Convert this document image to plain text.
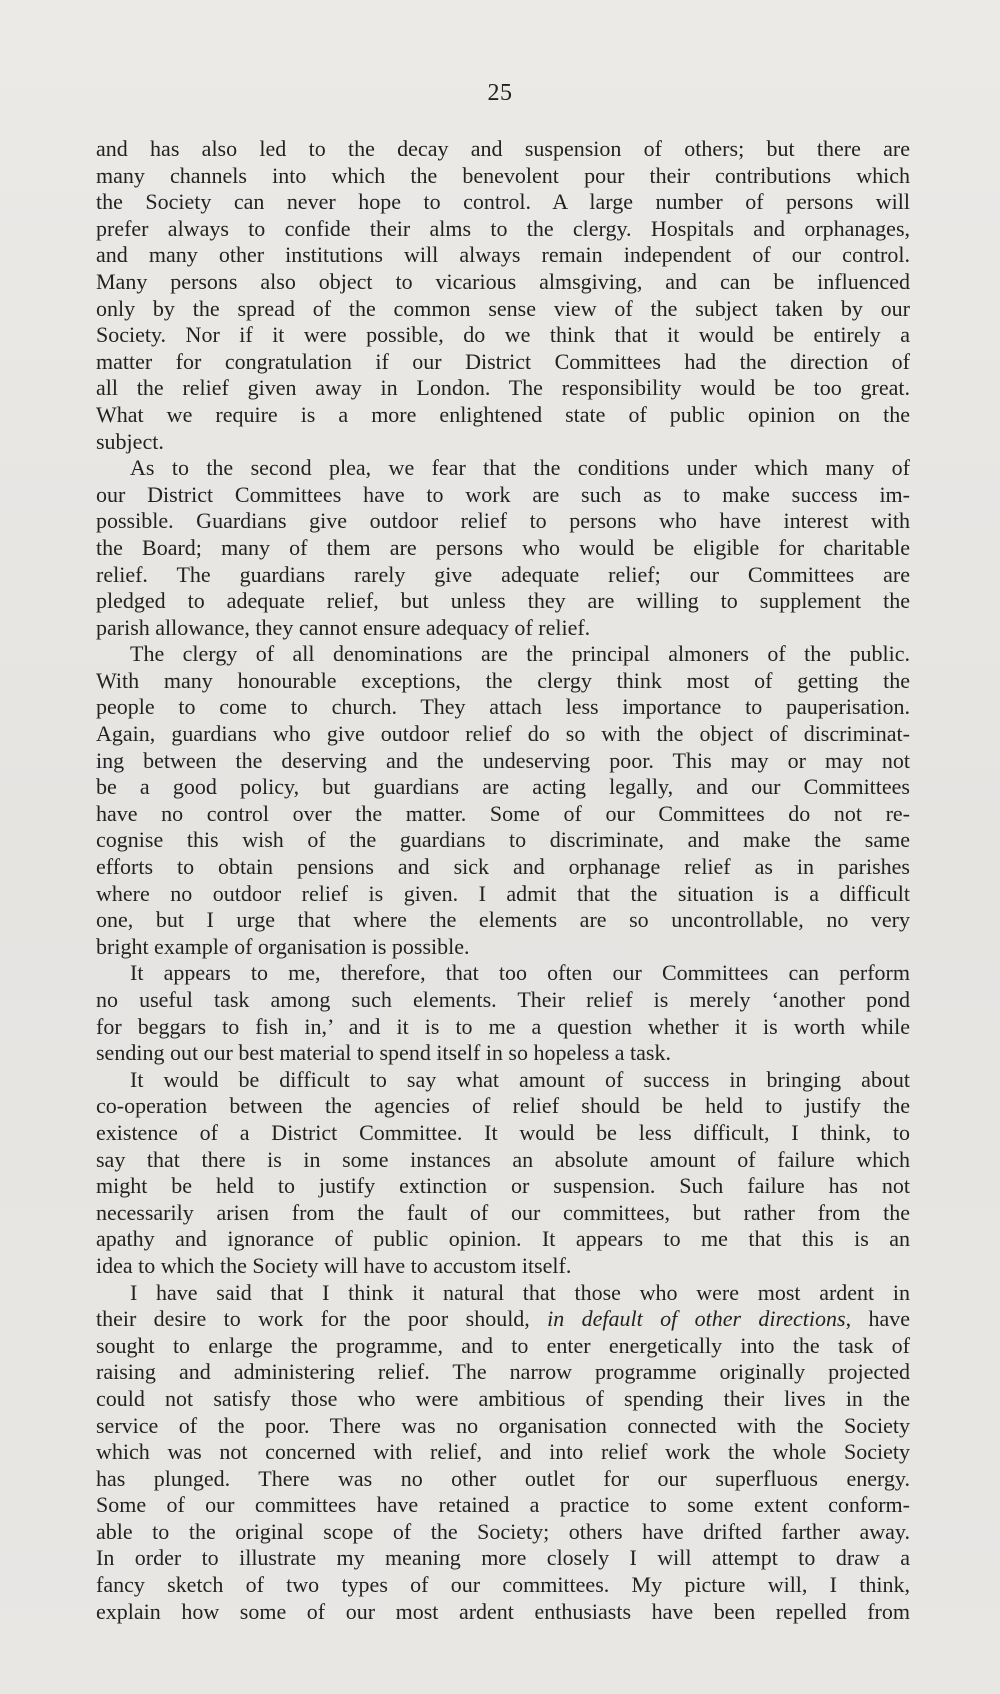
25
and has also led to the decay and suspension of others; but there are
many channels into which the benevolent pour their contributions which
the Society can never hope to control. A large number of persons will
prefer always to confide their alms to the clergy. Hospitals and orphanages,
and many other institutions will always remain independent of our control.
Many persons also object to vicarious almsgiving, and can be influenced
only by the spread of the common sense view of the subject taken by our
Society. Nor if it were possible, do we think that it would be entirely a
matter for congratulation if our District Committees had the direction of
all the relief given away in London. The responsibility would be too great.
What we require is a more enlightened state of public opinion on the
subject.
As to the second plea, we fear that the conditions under which many of
our District Committees have to work are such as to make success im-
possible. Guardians give outdoor relief to persons who have interest with
the Board; many of them are persons who would be eligible for charitable
relief. The guardians rarely give adequate relief; our Committees are
pledged to adequate relief, but unless they are willing to supplement the
parish allowance, they cannot ensure adequacy of relief.
The clergy of all denominations are the principal almoners of the public.
With many honourable exceptions, the clergy think most of getting the
people to come to church. They attach less importance to pauperisation.
Again, guardians who give outdoor relief do so with the object of discriminat-
ing between the deserving and the undeserving poor. This may or may not
be a good policy, but guardians are acting legally, and our Committees
have no control over the matter. Some of our Committees do not re-
cognise this wish of the guardians to discriminate, and make the same
efforts to obtain pensions and sick and orphanage relief as in parishes
where no outdoor relief is given. I admit that the situation is a difficult
one, but I urge that where the elements are so uncontrollable, no very
bright example of organisation is possible.
It appears to me, therefore, that too often our Committees can perform
no useful task among such elements. Their relief is merely ‘another pond
for beggars to fish in,’ and it is to me a question whether it is worth while
sending out our best material to spend itself in so hopeless a task.
It would be difficult to say what amount of success in bringing about
co-operation between the agencies of relief should be held to justify the
existence of a District Committee. It would be less difficult, I think, to
say that there is in some instances an absolute amount of failure which
might be held to justify extinction or suspension. Such failure has not
necessarily arisen from the fault of our committees, but rather from the
apathy and ignorance of public opinion. It appears to me that this is an
idea to which the Society will have to accustom itself.
I have said that I think it natural that those who were most ardent in
their desire to work for the poor should, in default of other directions, have
sought to enlarge the programme, and to enter energetically into the task of
raising and administering relief. The narrow programme originally projected
could not satisfy those who were ambitious of spending their lives in the
service of the poor. There was no organisation connected with the Society
which was not concerned with relief, and into relief work the whole Society
has plunged. There was no other outlet for our superfluous energy.
Some of our committees have retained a practice to some extent conform-
able to the original scope of the Society; others have drifted farther away.
In order to illustrate my meaning more closely I will attempt to draw a
fancy sketch of two types of our committees. My picture will, I think,
explain how some of our most ardent enthusiasts have been repelled from
